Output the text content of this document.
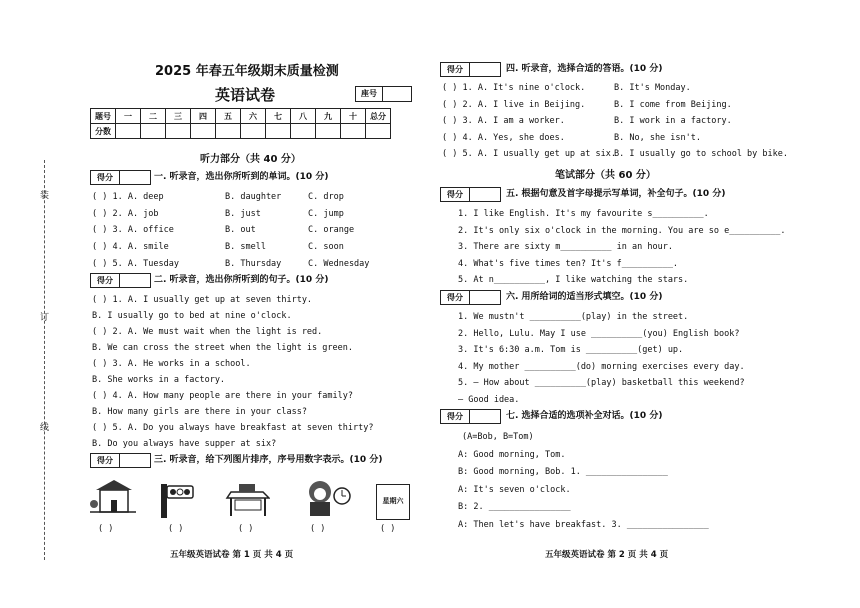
装
订
线
2025 年春五年级期末质量检测
英语试卷	座号
题号	一	二	三	四	五	六	七	八	九	十	总分
分数											
听力部分（共 40 分）
得分	一. 听录音，选出你所听到的单词。(10 分)
( ) 1. A. deep	B. daughter	C. drop
( ) 2. A. job	B. just	C. jump
( ) 3. A. office	B. out	C. orange
( ) 4. A. smile	B. smell	C. soon
( ) 5. A. Tuesday	B. Thursday	C. Wednesday
得分	二. 听录音，选出你所听到的句子。(10 分)
( ) 1. A. I usually get up at seven thirty.
B. I usually go to bed at nine o'clock.
( ) 2. A. We must wait when the light is red.
B. We can cross the street when the light is green.
( ) 3. A. He works in a school.
B. She works in a factory.
( ) 4. A. How many people are there in your family?
B. How many girls are there in your class?
( ) 5. A. Do you always have breakfast at seven thirty?
B. Do you always have supper at six?
得分	三. 听录音，给下列图片排序，序号用数字表示。(10 分)
星期六
( )	( )	( )	( )	( )
五年级英语试卷 第 1 页 共 4 页
得分	四. 听录音，选择合适的答语。(10 分)
( ) 1. A. It's nine o'clock.	B. It's Monday.
( ) 2. A. I live in Beijing.	B. I come from Beijing.
( ) 3. A. I am a worker.	B. I work in a factory.
( ) 4. A. Yes, she does.	B. No, she isn't.
( ) 5. A. I usually get up at six.
B. I usually go to school by bike.
笔试部分（共 60 分）
得分	五. 根据句意及首字母提示写单词，补全句子。(10 分)
1. I like English. It's my favourite s__________.
2. It's only six o'clock in the morning. You are so e__________.
3. There are sixty m__________ in an hour.
4. What's five times ten? It's f__________.
5. At n__________, I like watching the stars.
得分	六. 用所给词的适当形式填空。(10 分)
1. We mustn't __________(play) in the street.
2. Hello, Lulu. May I use __________(you) English book?
3. It's 6:30 a.m. Tom is __________(get) up.
4. My mother __________(do) morning exercises every day.
5. — How about __________(play) basketball this weekend?
— Good idea.
得分	七. 选择合适的选项补全对话。(10 分)
(A=Bob, B=Tom)
A: Good morning, Tom.
B: Good morning, Bob. 1. ________________
A: It's seven o'clock.
B: 2. ________________
A: Then let's have breakfast. 3. ________________
五年级英语试卷 第 2 页 共 4 页
